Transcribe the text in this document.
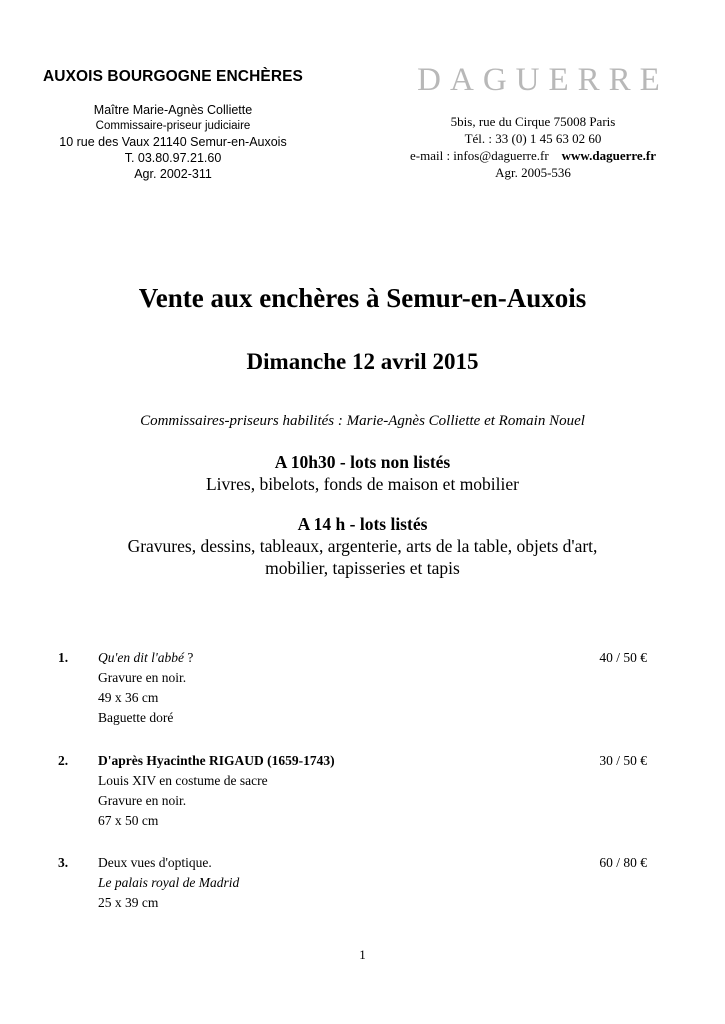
AUXOIS BOURGOGNE ENCHÈRES
Maître Marie-Agnès Colliette
Commissaire-priseur judiciaire
10 rue des Vaux 21140 Semur-en-Auxois
T. 03.80.97.21.60
Agr. 2002-311
DAGUERRE
5bis, rue du Cirque 75008 Paris
Tél. : 33 (0) 1 45 63 02 60
e-mail : infos@daguerre.fr www.daguerre.fr
Agr. 2005-536
Vente aux enchères à Semur-en-Auxois
Dimanche 12 avril 2015
Commissaires-priseurs habilités : Marie-Agnès Colliette et Romain Nouel
A 10h30 - lots non listés
Livres, bibelots, fonds de maison et mobilier
A 14 h - lots listés
Gravures, dessins, tableaux, argenterie, arts de la table, objets d'art,
mobilier, tapisseries et tapis
1. Qu'en dit l'abbé ?
Gravure en noir.
49 x 36 cm
Baguette doré
40 / 50 €
2. D'après Hyacinthe RIGAUD (1659-1743)
Louis XIV en costume de sacre
Gravure en noir.
67 x 50 cm
30 / 50 €
3. Deux vues d'optique.
Le palais royal de Madrid
25 x 39 cm
60 / 80 €
1
